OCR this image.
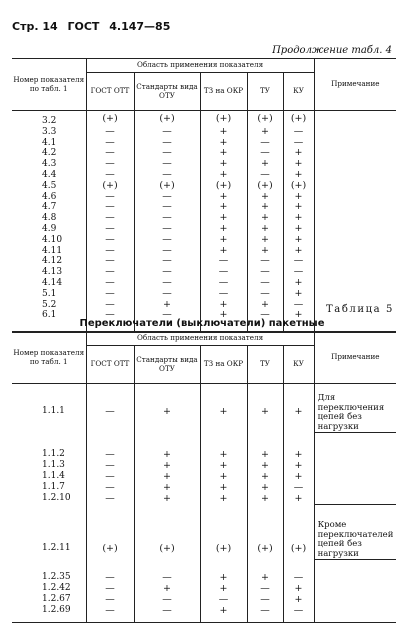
Стр. 14 ГОСТ 4.147—85
Продолжение табл. 4
Номер показателя по табл. 1	Область применения показателя					Примечание
	ГОСТ ОТТ	Стандарты вида ОТУ	ТЗ на ОКР	ТУ	КУ	
3.2	(+)	(+)	(+)	(+)	(+)	
3.3	—	—	+	+	—	
4.1	—	—	+	—	—	
4.2	—	—	+	—	+	
4.3	—	—	+	+	+	
4.4	—	—	+	—	+	
4.5	(+)	(+)	(+)	(+)	(+)	
4.6	—	—	+	+	+	
4.7	—	—	+	+	+	
4.8	—	—	+	+	+	
4.9	—	—	+	+	+	
4.10	—	—	+	+	+	
4.11	—	—	+	+	+	
4.12	—	—	—	—	—	
4.13	—	—	—	—	—	
4.14	—	—	—	—	+	
5.1	—	—	—	—	+	
5.2	—	+	+	+	—	
6.1	—	—	+	—	+	
						Таблица 5
Переключатели (выключатели) пакетные
Номер показателя по табл. 1	Область применения показателя					Примечание
	ГОСТ ОТТ	Стандарты вида ОТУ	ТЗ на ОКР	ТУ	КУ	
						Для переключения цепей без нагрузки
1.1.1	—	+	+	+	+	

1.1.2	—	+	+	+	+	
1.1.3	—	+	+	+	+	
1.1.4	—	+	+	+	+	
1.1.7	—	+	+	+	—	
1.2.10	—	+	+	+	+	
						Кроме переключателей цепей без нагрузки
1.2.11	(+)	(+)	(+)	(+)	(+)	

1.2.35	—	—	+	+	—	
1.2.42	—	+	+	—	+	
1.2.67	—	—	—	—	+	
1.2.69	—	—	+	—	—	
